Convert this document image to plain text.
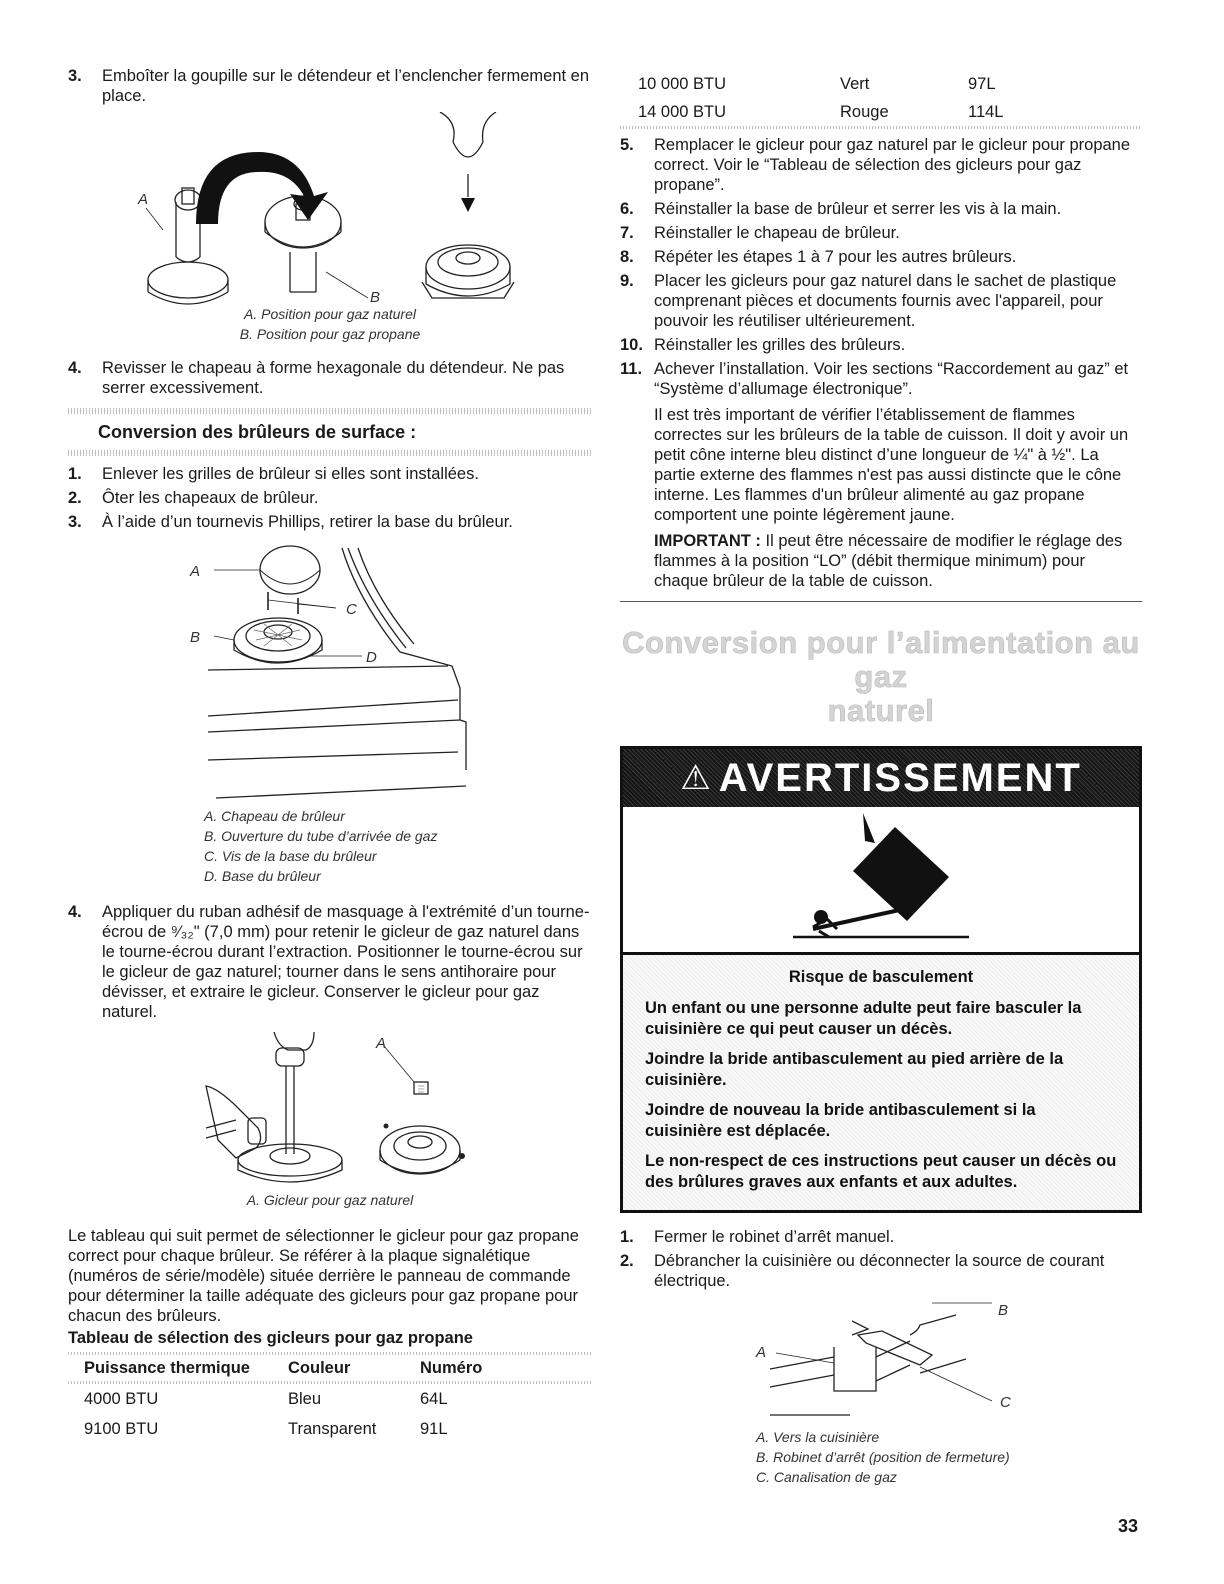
3.	Emboîter la goupille sur le détendeur et l’enclencher fermement en place.
A
B
A. Position pour gaz naturel
B. Position pour gaz propane
4.	Revisser le chapeau à forme hexagonale du détendeur. Ne pas serrer excessivement.
Conversion des brûleurs de surface :
1.	Enlever les grilles de brûleur si elles sont installées.
2.	Ôter les chapeaux de brûleur.
3.	À l’aide d’un tournevis Phillips, retirer la base du brûleur.
A
B
C
D
A. Chapeau de brûleur
B. Ouverture du tube d’arrivée de gaz
C. Vis de la base du brûleur
D. Base du brûleur
4.	Appliquer du ruban adhésif de masquage à l'extrémité d’un tourne-écrou de ⁹⁄₃₂" (7,0 mm) pour retenir le gicleur de gaz naturel dans le tourne-écrou durant l’extraction. Positionner le tourne-écrou sur le gicleur de gaz naturel; tourner dans le sens antihoraire pour dévisser, et extraire le gicleur. Conserver le gicleur pour gaz naturel.
A
A. Gicleur pour gaz naturel
Le tableau qui suit permet de sélectionner le gicleur pour gaz propane correct pour chaque brûleur. Se référer à la plaque signalétique (numéros de série/modèle) située derrière le panneau de commande pour déterminer la taille adéquate des gicleurs pour gaz propane pour chacun des brûleurs.
Tableau de sélection des gicleurs pour gaz propane
Puissance thermique	Couleur	Numéro
4000 BTU	Bleu	64L
9100 BTU	Transparent	91L
10 000 BTU	Vert	97L
14 000 BTU	Rouge	114L
5.	Remplacer le gicleur pour gaz naturel par le gicleur pour propane correct. Voir le “Tableau de sélection des gicleurs pour gaz propane”.
6.	Réinstaller la base de brûleur et serrer les vis à la main.
7.	Réinstaller le chapeau de brûleur.
8.	Répéter les étapes 1 à 7 pour les autres brûleurs.
9.	Placer les gicleurs pour gaz naturel dans le sachet de plastique comprenant pièces et documents fournis avec l'appareil, pour pouvoir les réutiliser ultérieurement.
10. Réinstaller les grilles des brûleurs.
11. Achever l’installation. Voir les sections “Raccordement au gaz” et “Système d’allumage électronique”.
Il est très important de vérifier l’établissement de flammes correctes sur les brûleurs de la table de cuisson. Il doit y avoir un petit cône interne bleu distinct d’une longueur de ¼" à ½". La partie externe des flammes n'est pas aussi distincte que le cône interne. Les flammes d'un brûleur alimenté au gaz propane comportent une pointe légèrement jaune.
IMPORTANT : Il peut être nécessaire de modifier le réglage des flammes à la position “LO” (débit thermique minimum) pour chaque brûleur de la table de cuisson.
Conversion pour l’alimentation au gaz
naturel
⚠ AVERTISSEMENT

Risque de basculement

Un enfant ou une personne adulte peut faire basculer la cuisinière ce qui peut causer un décès.

Joindre la bride antibasculement au pied arrière de la cuisinière.

Joindre de nouveau la bride antibasculement si la cuisinière est déplacée.

Le non-respect de ces instructions peut causer un décès ou des brûlures graves aux enfants et aux adultes.

1.	Fermer le robinet d’arrêt manuel.
2.	Débrancher la cuisinière ou déconnecter la source de courant électrique.
A
B
C
A. Vers la cuisinière
B. Robinet d’arrêt (position de fermeture)
C. Canalisation de gaz
33
